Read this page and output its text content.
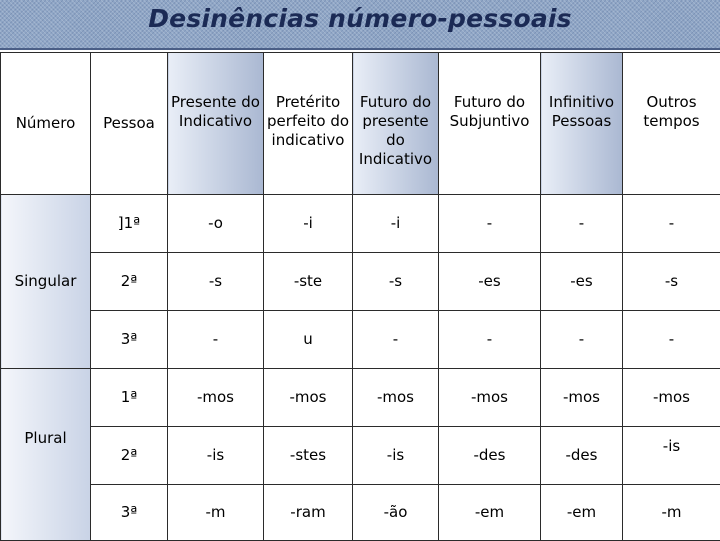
Desinências número-pessoais
Número	Pessoa	Presente do Indicativo	Pretérito perfeito do indicativo	Futuro do presente do Indicativo	Futuro do Subjuntivo	Infinitivo Pessoas	Outros tempos
Singular	]1ª	-o	-i	-i	-	-	-
	2ª	-s	-ste	-s	-es	-es	-s
	3ª	-	u	-	-	-	-
Plural	1ª	-mos	-mos	-mos	-mos	-mos	-mos
	2ª	-is	-stes	-is	-des	-des	-is
	3ª	-m	-ram	-ão	-em	-em	-m
